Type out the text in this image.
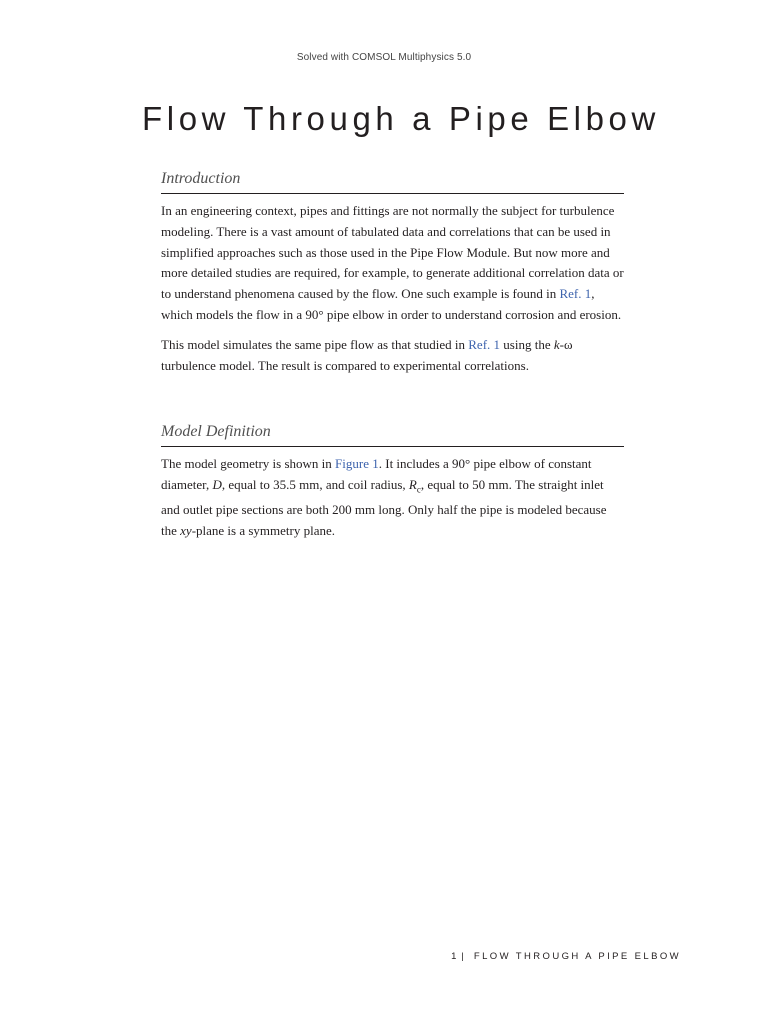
Solved with COMSOL Multiphysics 5.0
Flow Through a Pipe Elbow
Introduction

In an engineering context, pipes and fittings are not normally the subject for turbulence modeling. There is a vast amount of tabulated data and correlations that can be used in simplified approaches such as those used in the Pipe Flow Module. But now more and more detailed studies are required, for example, to generate additional correlation data or to understand phenomena caused by the flow. One such example is found in Ref. 1, which models the flow in a 90° pipe elbow in order to understand corrosion and erosion.

This model simulates the same pipe flow as that studied in Ref. 1 using the k-ω turbulence model. The result is compared to experimental correlations.

Model Definition

The model geometry is shown in Figure 1. It includes a 90° pipe elbow of constant diameter, D, equal to 35.5 mm, and coil radius, $R_c$, equal to 50 mm. The straight inlet and outlet pipe sections are both 200 mm long. Only half the pipe is modeled because the xy-plane is a symmetry plane.

1 | FLOW THROUGH A PIPE ELBOW
